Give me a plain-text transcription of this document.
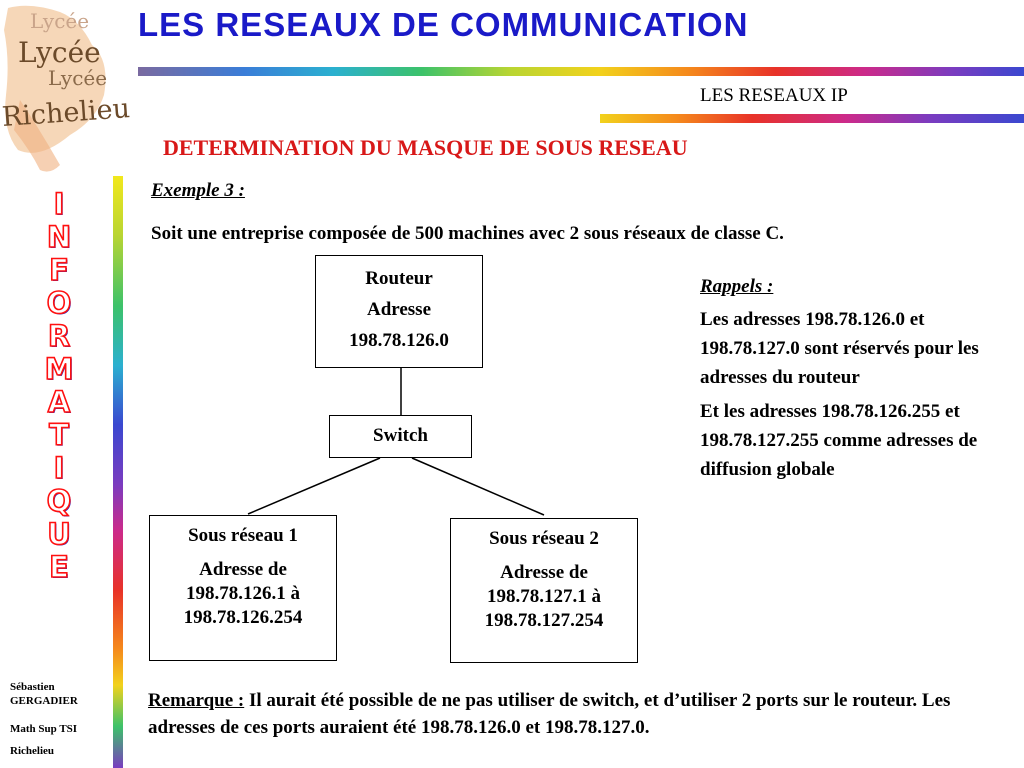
Lycée
Lycée
Lycée
Richelieu
LES RESEAUX DE COMMUNICATION
LES RESEAUX IP
DETERMINATION DU MASQUE DE SOUS RESEAU
I
N
F
O
R
M
A
T
I
Q
U
E
Sébastien
GERGADIER
Math Sup TSI
Richelieu
Exemple 3 :
Soit une entreprise composée de 500 machines avec 2 sous réseaux de classe C.
Routeur
Adresse
198.78.126.0
Switch
Sous réseau 1
Adresse de
198.78.126.1 à
198.78.126.254
Sous réseau 2
Adresse de
198.78.127.1 à
198.78.127.254
Rappels :
Les adresses 198.78.126.0 et 198.78.127.0 sont réservés pour les adresses du routeur
Et les adresses 198.78.126.255 et 198.78.127.255 comme adresses de diffusion globale
Remarque : Il aurait été possible de ne pas utiliser de switch, et d’utiliser 2 ports sur le routeur. Les adresses de ces ports auraient été 198.78.126.0 et 198.78.127.0.
